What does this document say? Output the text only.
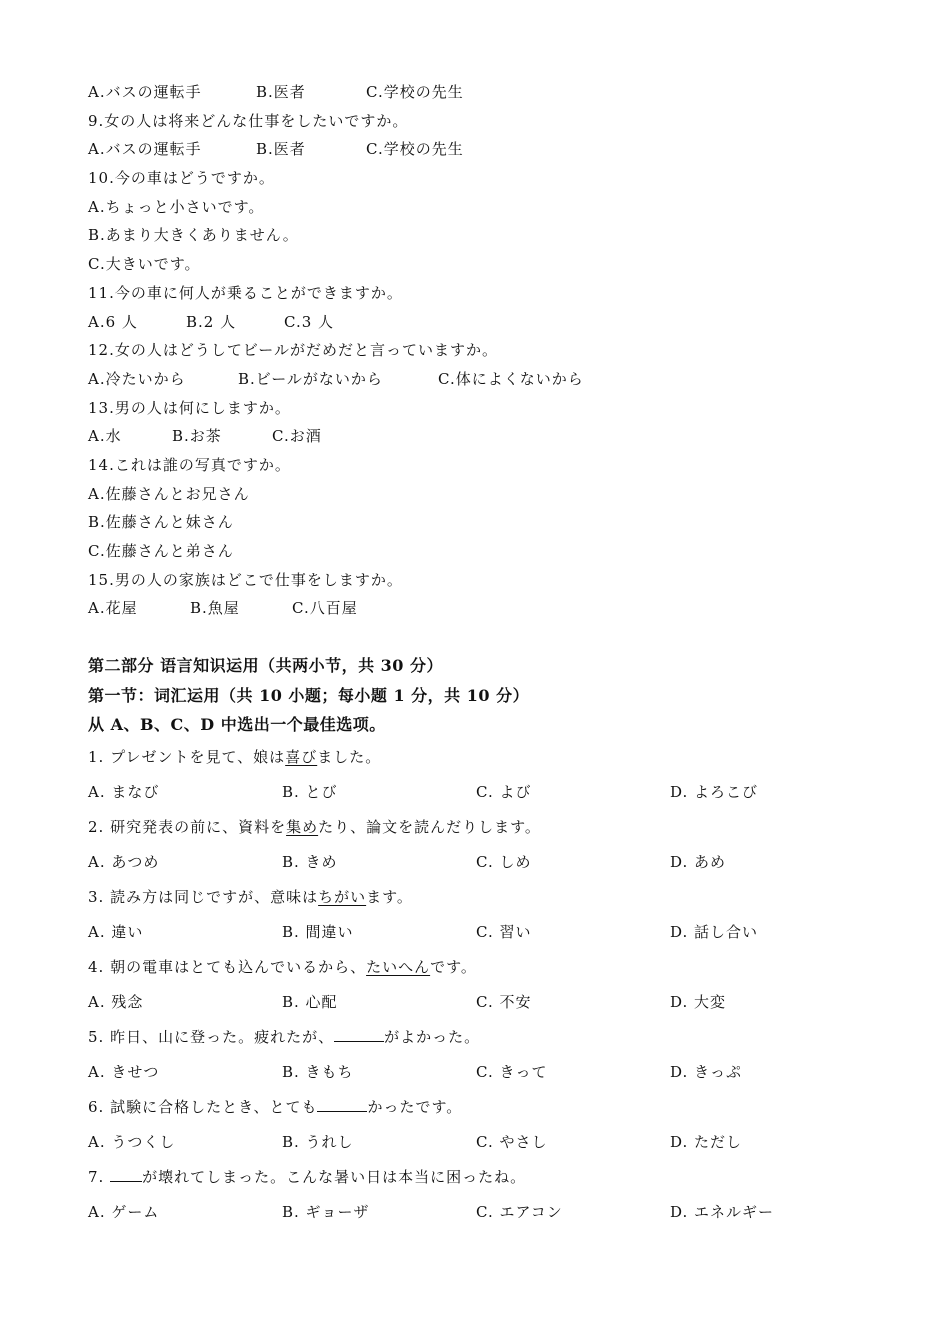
A.バスの運転手	B.医者	C.学校の先生
9.女の人は将来どんな仕事をしたいですか。
A.バスの運転手	B.医者	C.学校の先生
10.今の車はどうですか。
A.ちょっと小さいです。
B.あまり大きくありません。
C.大きいです。
11.今の車に何人が乗ることができますか。
A.6 人	B.2 人	C.3 人
12.女の人はどうしてビールがだめだと言っていますか。
A.冷たいから	B.ビールがないから	C.体によくないから
13.男の人は何にしますか。
A.水	B.お茶	C.お酒
14.これは誰の写真ですか。
A.佐藤さんとお兄さん
B.佐藤さんと妹さん
C.佐藤さんと弟さん
15.男の人の家族はどこで仕事をしますか。
A.花屋	B.魚屋	C.八百屋
第二部分 语言知识运用（共两小节，共 30 分）
第一节：词汇运用（共 10 小题；每小题 1 分，共 10 分）
从 A、B、C、D 中选出一个最佳选项。
1. プレゼントを見て、娘は喜びました。
A. まなび	B. とび	C. よび	D. よろこび
2. 研究発表の前に、資料を集めたり、論文を読んだりします。
A. あつめ	B. きめ	C. しめ	D. あめ
3. 読み方は同じですが、意味はちがいます。
A. 違い	B. 間違い	C. 習い	D. 話し合い
4. 朝の電車はとても込んでいるから、たいへんです。
A. 残念	B. 心配	C. 不安	D. 大変
5. 昨日、山に登った。疲れたが、	がよかった。
A. きせつ	B. きもち	C. きって	D. きっぷ
6. 試験に合格したとき、とても	かったです。
A. うつくし	B. うれし	C. やさし	D. ただし
7. が壊れてしまった。こんな暑い日は本当に困ったね。
A. ゲーム	B. ギョーザ	C. エアコン	D. エネルギー
